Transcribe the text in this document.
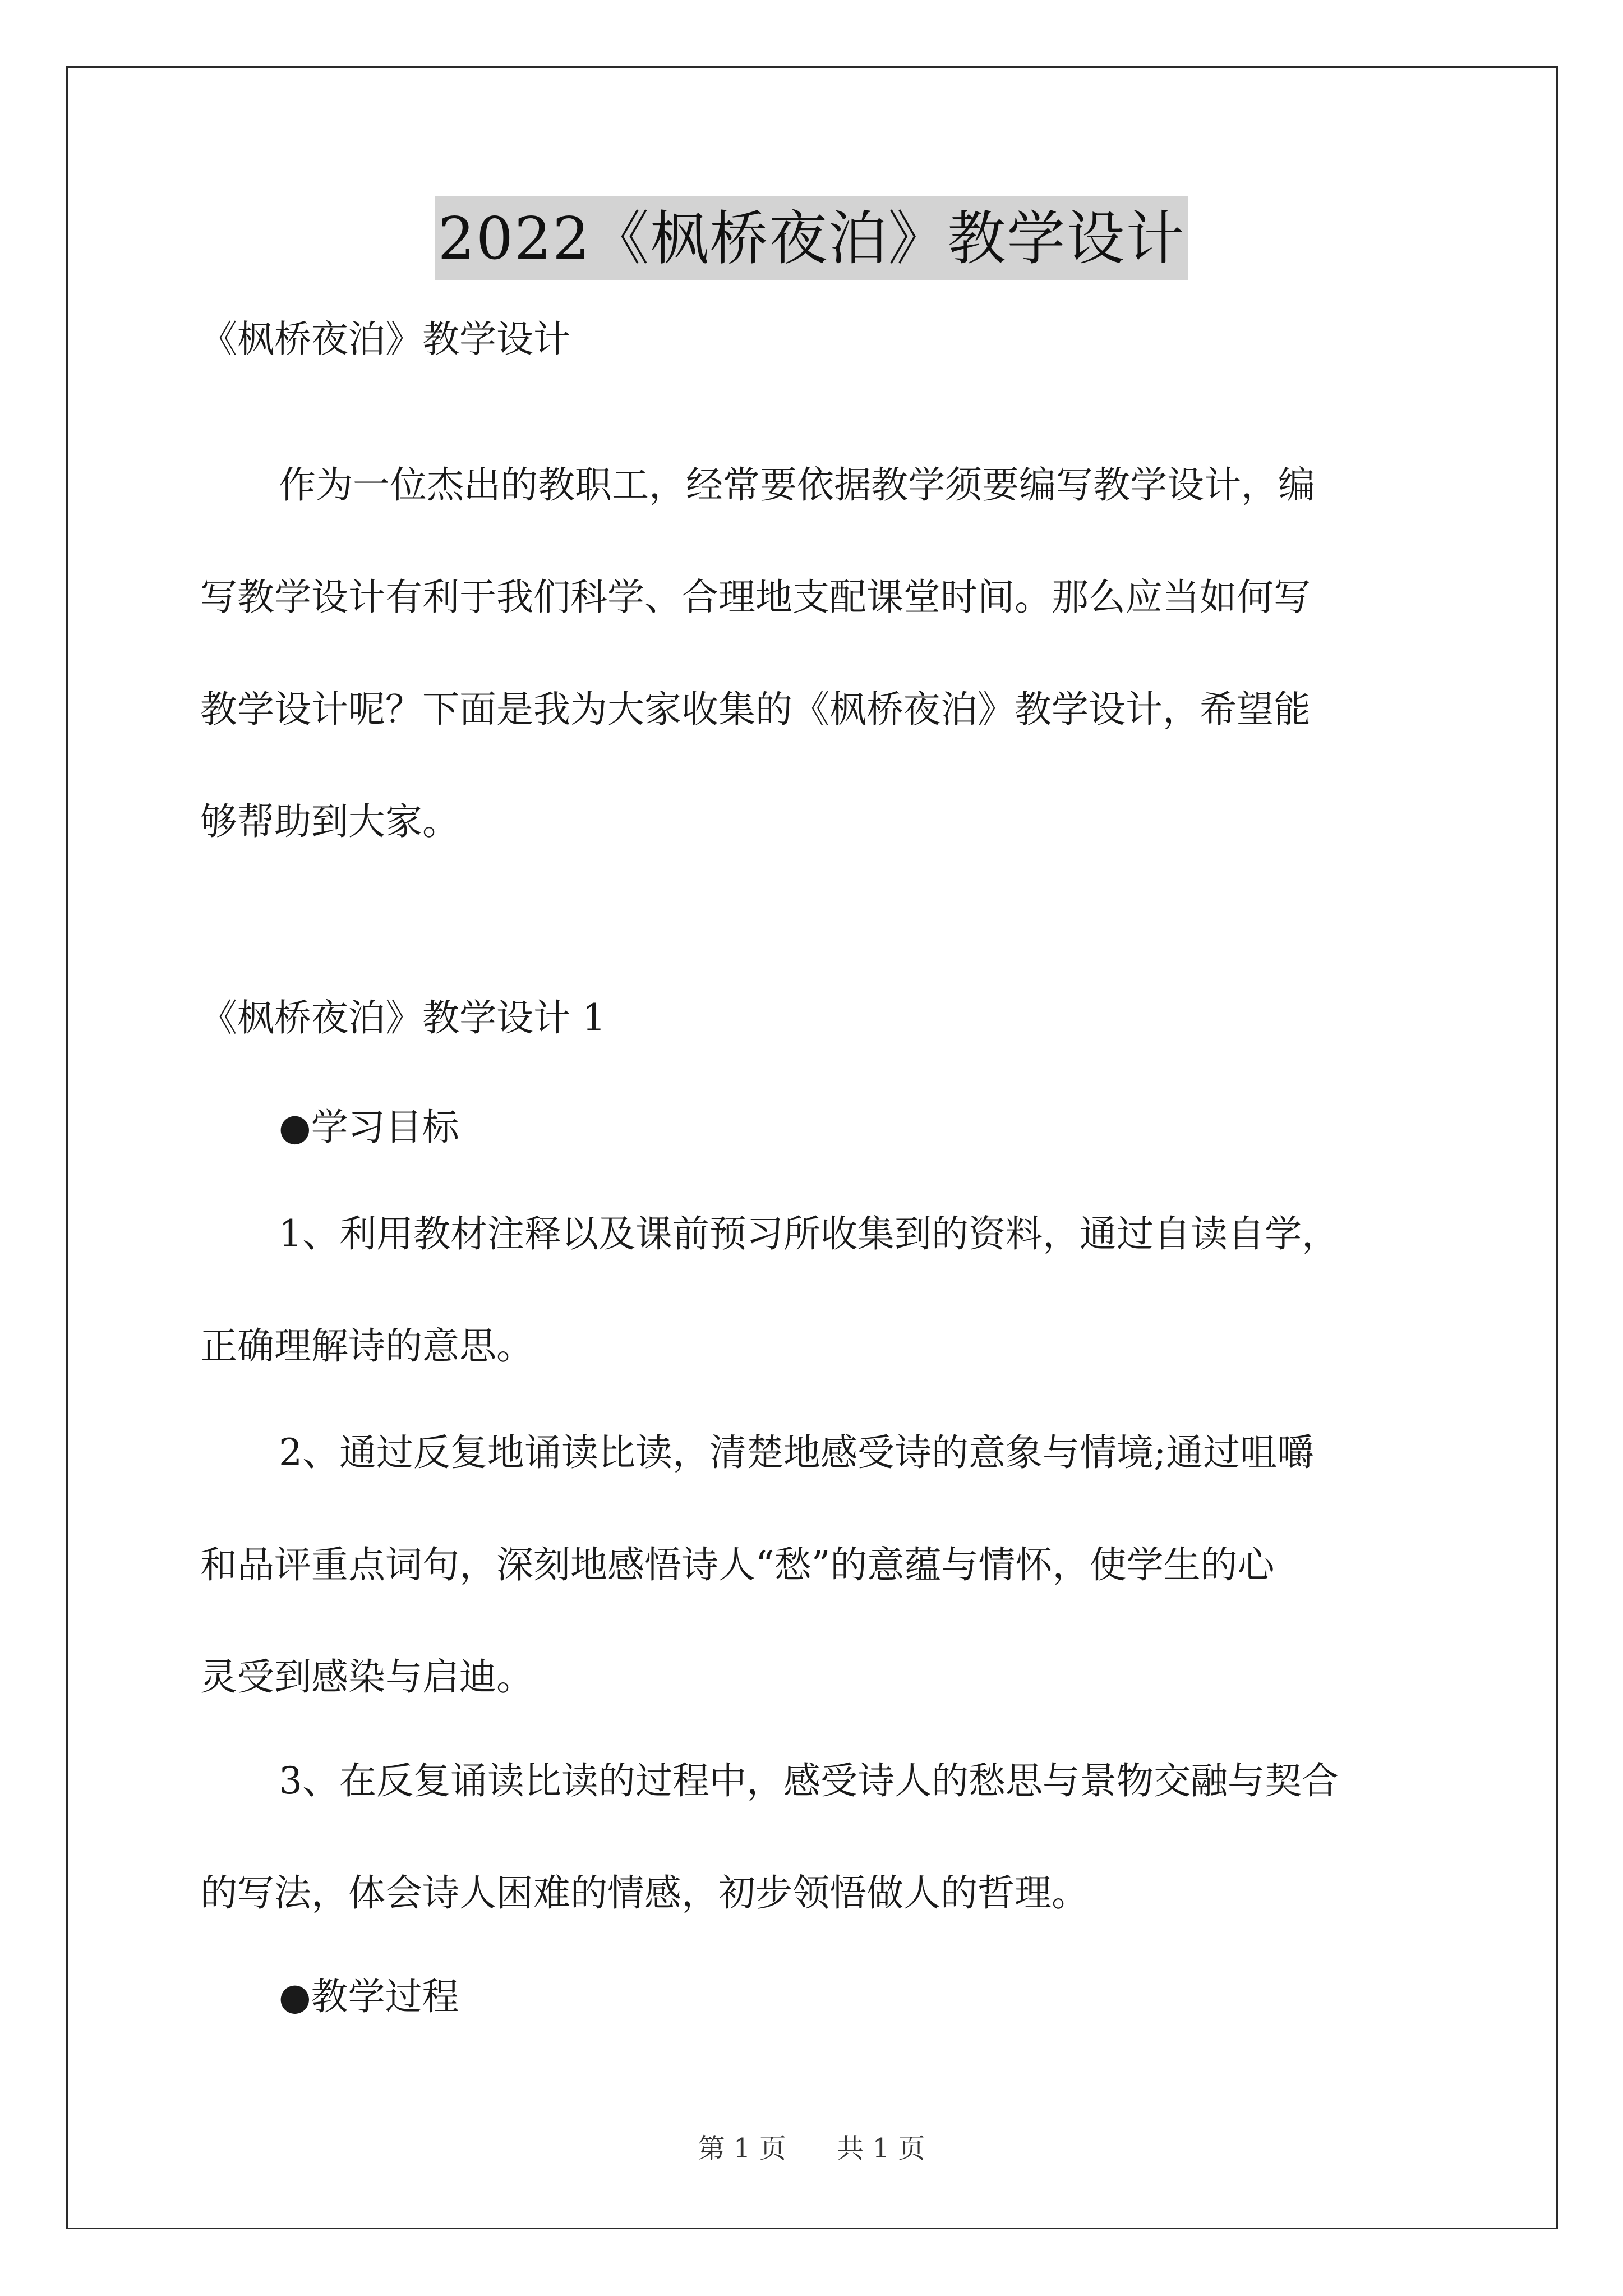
2022《枫桥夜泊》教学设计

《枫桥夜泊》教学设计

作为一位杰出的教职工，经常要依据教学须要编写教学设计，编

写教学设计有利于我们科学、合理地支配课堂时间。那么应当如何写

教学设计呢？下面是我为大家收集的《枫桥夜泊》教学设计，希望能

够帮助到大家。

《枫桥夜泊》教学设计 1

●学习目标

1、利用教材注释以及课前预习所收集到的资料，通过自读自学，

正确理解诗的意思。

2、通过反复地诵读比读，清楚地感受诗的意象与情境;通过咀嚼

和品评重点词句，深刻地感悟诗人“愁”的意蕴与情怀，使学生的心

灵受到感染与启迪。

3、在反复诵读比读的过程中，感受诗人的愁思与景物交融与契合

的写法，体会诗人困难的情感，初步领悟做人的哲理。

●教学过程

第 1 页 共 1 页
